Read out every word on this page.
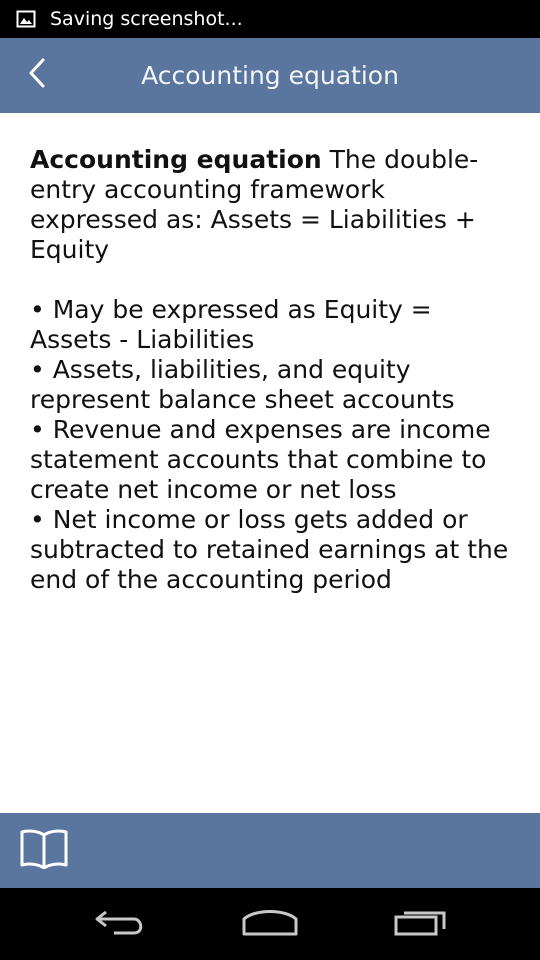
Saving screenshot...
Accounting equation

Accounting equation The double-entry accounting framework expressed as: Assets = Liabilities + Equity

• May be expressed as Equity = Assets - Liabilities
• Assets, liabilities, and equity represent balance sheet accounts
• Revenue and expenses are income statement accounts that combine to create net income or net loss
• Net income or loss gets added or subtracted to retained earnings at the end of the accounting period
